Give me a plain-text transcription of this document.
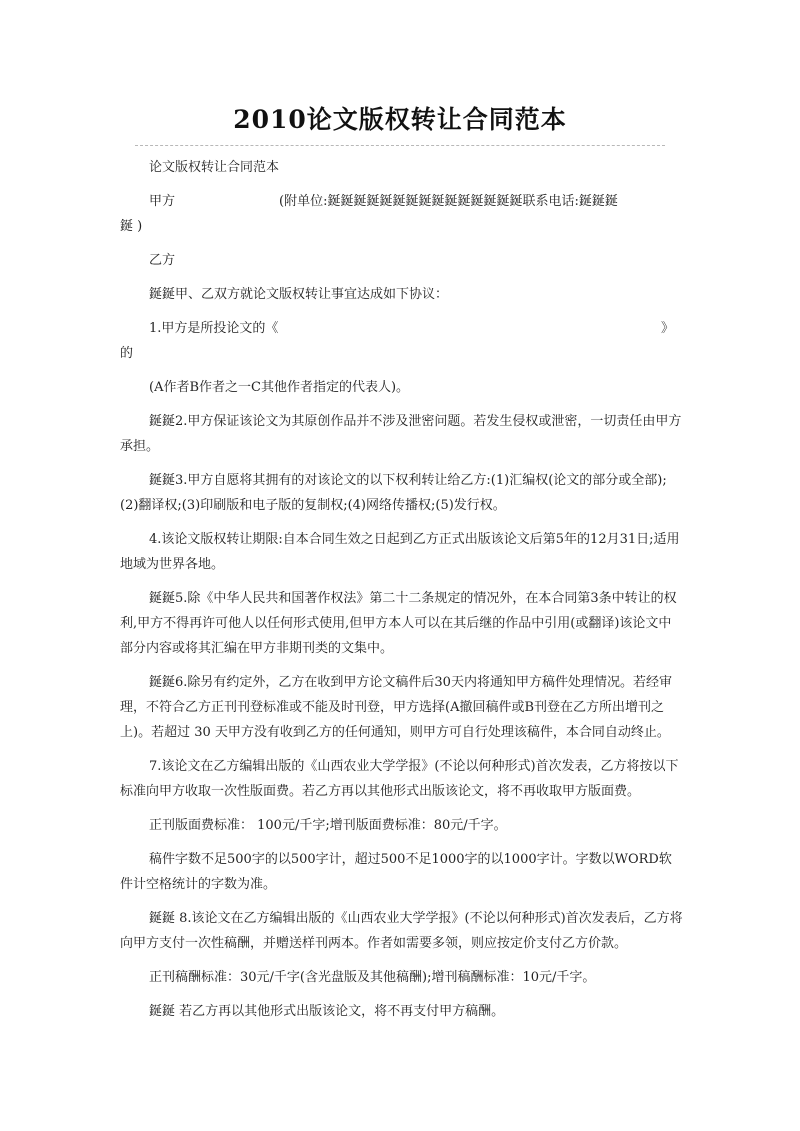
2010论文版权转让合同范本

论文版权转让合同范本

甲方	(附单位:鋋鋋鋋鋋鋋鋋鋋鋋鋋鋋鋋鋋鋋鋋鋋联系电话:鋋鋋鋋

鋋 )

乙方

鋋鋋甲、乙双方就论文版权转让事宜达成如下协议：

1.甲方是所投论文的《	》

的

(A作者B作者之一C其他作者指定的代表人)。

鋋鋋2.甲方保证该论文为其原创作品并不涉及泄密问题。若发生侵权或泄密，一切责任由甲方承担。

鋋鋋3.甲方自愿将其拥有的对该论文的以下权利转让给乙方:(1)汇编权(论文的部分或全部);(2)翻译权;(3)印刷版和电子版的复制权;(4)网络传播权;(5)发行权。

4.该论文版权转让期限:自本合同生效之日起到乙方正式出版该论文后第5年的12月31日;适用地域为世界各地。

鋋鋋5.除《中华人民共和国著作权法》第二十二条规定的情况外，在本合同第3条中转让的权利,甲方不得再许可他人以任何形式使用,但甲方本人可以在其后继的作品中引用(或翻译)该论文中部分内容或将其汇编在甲方非期刊类的文集中。

鋋鋋6.除另有约定外，乙方在收到甲方论文稿件后30天内将通知甲方稿件处理情况。若经审理，不符合乙方正刊刊登标准或不能及时刊登，甲方选择(A撤回稿件或B刊登在乙方所出增刊之上)。若超过 30 天甲方没有收到乙方的任何通知，则甲方可自行处理该稿件，本合同自动终止。

7.该论文在乙方编辑出版的《山西农业大学学报》(不论以何种形式)首次发表，乙方将按以下标准向甲方收取一次性版面费。若乙方再以其他形式出版该论文，将不再收取甲方版面费。

正刊版面费标准： 100元/千字;增刊版面费标准：80元/千字。

稿件字数不足500字的以500字计，超过500不足1000字的以1000字计。字数以WORD软件计空格统计的字数为准。

鋋鋋 8.该论文在乙方编辑出版的《山西农业大学学报》(不论以何种形式)首次发表后，乙方将向甲方支付一次性稿酬，并赠送样刊两本。作者如需要多领，则应按定价支付乙方价款。

正刊稿酬标准：30元/千字(含光盘版及其他稿酬);增刊稿酬标准：10元/千字。

鋋鋋 若乙方再以其他形式出版该论文，将不再支付甲方稿酬。
